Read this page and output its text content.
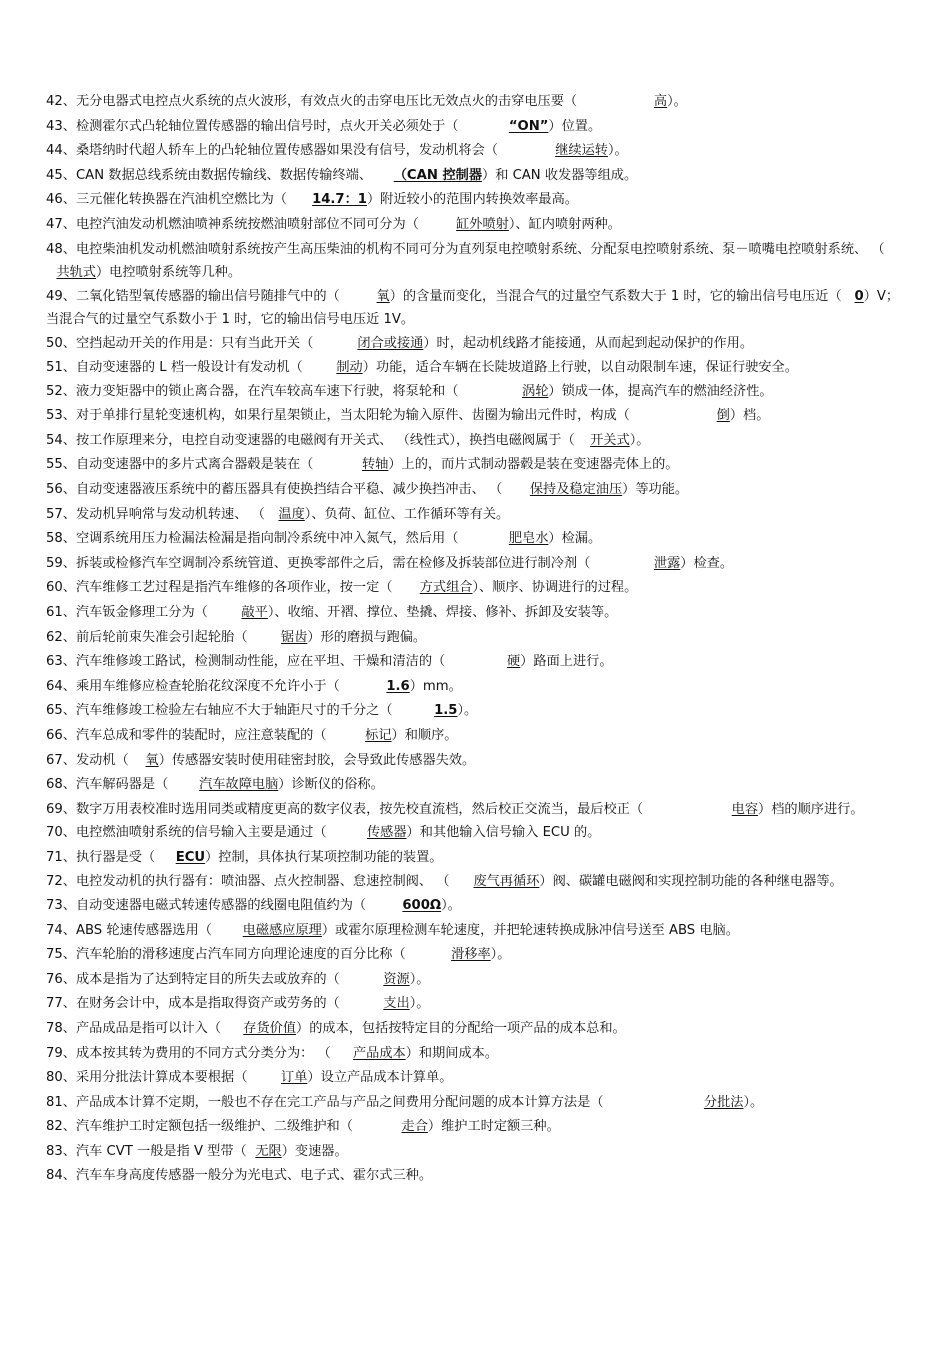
42、无分电器式电控点火系统的点火波形，有效点火的击穿电压比无效点火的击穿电压要（	高）。

43、检测霍尔式凸轮轴位置传感器的输出信号时，点火开关必须处于（	“ON”）位置。

44、桑塔纳时代超人轿车上的凸轮轴位置传感器如果没有信号，发动机将会（	继续运转）。

45、CAN 数据总线系统由数据传输线、数据传输终端、 （CAN 控制器）和 CAN 收发器等组成。

46、三元催化转换器在汽油机空燃比为（ 14.7：1）附近较小的范围内转换效率最高。

47、电控汽油发动机燃油喷神系统按燃油喷射部位不同可分为（	缸外喷射）、缸内喷射两种。

48、电控柴油机发动机燃油喷射系统按产生高压柴油的机构不同可分为直列泵电控喷射系统、分配泵电控喷射系统、泵－喷嘴电控喷射系统、 （共轨式）电控喷射系统等几种。

49、二氧化锆型氧传感器的输出信号随排气中的（	氧）的含量而变化，当混合气的过量空气系数大于 1 时，它的输出信号电压近（ 0）V；当混合气的过量空气系数小于 1 时，它的输出信号电压近 1V。

50、空挡起动开关的作用是：只有当此开关（	闭合或接通）时，起动机线路才能接通，从而起到起动保护的作用。

51、自动变速器的 L 档一般设计有发动机（	制动）功能，适合车辆在长陡坡道路上行驶，以自动限制车速，保证行驶安全。

52、液力变矩器中的锁止离合器，在汽车较高车速下行驶，将泵轮和（	涡轮）锁成一体，提高汽车的燃油经济性。

53、对于单排行星轮变速机构，如果行星架锁止，当太阳轮为输入原件、齿圈为输出元件时，构成（	倒）档。

54、按工作原理来分，电控自动变速器的电磁阀有开关式、 （线性式），换挡电磁阀属于（ 开关式）。

55、自动变速器中的多片式离合器毂是装在（	转轴）上的，而片式制动器毂是装在变速器壳体上的。

56、自动变速器液压系统中的蓄压器具有使换挡结合平稳、减少换挡冲击、 （ 保持及稳定油压）等功能。

57、发动机异响常与发动机转速、 （ 温度）、负荷、缸位、工作循环等有关。

58、空调系统用压力检漏法检漏是指向制冷系统中冲入氮气，然后用（	肥皂水）检漏。

59、拆装或检修汽车空调制冷系统管道、更换零部件之后，需在检修及拆装部位进行制冷剂（	泄露）检查。

60、汽车维修工艺过程是指汽车维修的各项作业，按一定（ 方式组合）、顺序、协调进行的过程。

61、汽车钣金修理工分为（	敲平）、收缩、开褶、撑位、垫撬、焊接、修补、拆卸及安装等。

62、前后轮前束失准会引起轮胎（	锯齿）形的磨损与跑偏。

63、汽车维修竣工路试，检测制动性能，应在平坦、干燥和清洁的（	硬）路面上进行。

64、乘用车维修应检查轮胎花纹深度不允许小于（	1.6）mm。

65、汽车维修竣工检验左右轴应不大于轴距尺寸的千分之（	1.5）。

66、汽车总成和零件的装配时，应注意装配的（	标记）和顺序。

67、发动机（ 氧）传感器安装时使用硅密封胶，会导致此传感器失效。

68、汽车解码器是（ 汽车故障电脑）诊断仪的俗称。

69、数字万用表校准时选用同类或精度更高的数字仪表，按先校直流档，然后校正交流当，最后校正（	电容）档的顺序进行。

70、电控燃油喷射系统的信号输入主要是通过（	传感器）和其他输入信号输入 ECU 的。

71、执行器是受（ ECU）控制，具体执行某项控制功能的装置。

72、电控发动机的执行器有：喷油器、点火控制器、怠速控制阀、 （ 废气再循环）阀、碳罐电磁阀和实现控制功能的各种继电器等。

73、自动变速器电磁式转速传感器的线圈电阻值约为（	600Ω）。

74、ABS 轮速传感器选用（ 电磁感应原理）或霍尔原理检测车轮速度，并把轮速转换成脉冲信号送至 ABS 电脑。

75、汽车轮胎的滑移速度占汽车同方向理论速度的百分比称（	滑移率）。

76、成本是指为了达到特定目的所失去或放弃的（	资源）。

77、在财务会计中，成本是指取得资产或劳务的（	支出）。

78、产品成品是指可以计入（ 存货价值）的成本，包括按特定目的分配给一项产品的成本总和。

79、成本按其转为费用的不同方式分类分为： （ 产品成本）和期间成本。

80、采用分批法计算成本要根据（	订单）设立产品成本计算单。

81、产品成本计算不定期，一般也不存在完工产品与产品之间费用分配问题的成本计算方法是（	分批法）。

82、汽车维护工时定额包括一级维护、二级维护和（	走合）维护工时定额三种。

83、汽车 CVT 一般是指 V 型带（ 无限）变速器。

84、汽车车身高度传感器一般分为光电式、电子式、霍尔式三种。
